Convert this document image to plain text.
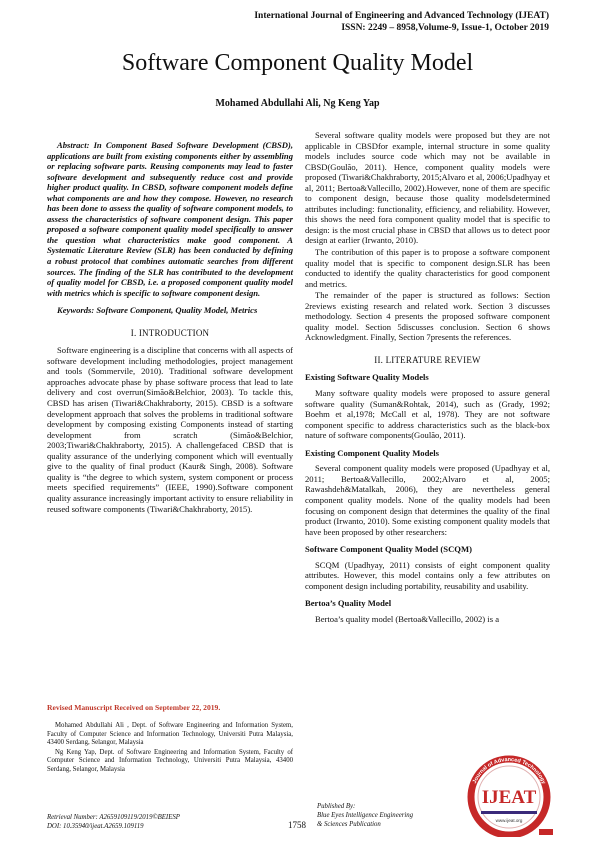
International Journal of Engineering and Advanced Technology (IJEAT)
ISSN: 2249 – 8958,Volume-9, Issue-1, October 2019
Software Component Quality Model
Mohamed Abdullahi Ali, Ng Keng Yap

Abstract: In Component Based Software Development (CBSD), applications are built from existing components either by assembling or replacing software parts. Reusing components may lead to faster software development and subsequently reduce cost and provide higher product quality. In CBSD, software component models define what components are and how they compose. However, no research has been done to assess the quality of software component models, to assess the characteristics of software component design. This paper proposed a software component quality model specifically to answer the question what characteristics make good component. A Systematic Literature Review (SLR) has been conducted by defining a robust protocol that combines automatic searches from different sources. The finding of the SLR has contributed to the development of quality model for CBSD, i.e. a proposed component quality model with metrics which is specific to software component design.

Keywords: Software Component, Quality Model, Metrics

I. INTRODUCTION

Software engineering is a discipline that concerns with all aspects of software development including methodologies, project management and tools (Sommervile, 2010). Traditional software development approaches advocate phase by phase software process that lead to late delivery and cost overrun(Simão&Belchior, 2003). To tackle this, CBSD has arisen (Tiwari&Chakhraborty, 2015). CBSD is a software development approach that solves the problems in traditional software development by composing existing Components instead of starting development from scratch (Simão&Belchior, 2003;Tiwari&Chakhraborty, 2015). A challengefaced CBSD that is quality assurance of the underlying component which will eventually give to the quality of final product (Kaur& Singh, 2008). Software quality is “the degree to which system, system component or process meets specified requirements” (IEEE, 1990).Software component quality assurance increasingly important activity to ensure reliability in reused software components (Tiwari&Chakhraborty, 2015).

Several software quality models were proposed but they are not applicable in CBSDfor example, internal structure in some quality models includes source code which may not be available in CBSD(Goulão, 2011). Hence, component quality models were proposed (Tiwari&Chakhraborty, 2015;Alvaro et al, 2006;Upadhyay et al, 2011; Bertoa&Vallecillo, 2002).However, none of them are specific to component design, because those quality modelsdetermined attributes including: functionality, efficiency, and reliability. However, this shows the need fora component quality model that is specific to design: is the most crucial phase in CBSD that allows us to detect poor design at earlier (Irwanto, 2010).

The contribution of this paper is to propose a software component quality model that is specific to component design.SLR has been conducted to identify the quality characteristics for good component and metrics.

The remainder of the paper is structured as follows: Section 2reviews existing research and related work. Section 3 discusses methodology. Section 4 presents the proposed software component quality model. Section 5discusses conclusion. Section 6 shows Acknowledgment. Finally, Section 7presents the references.

II. LITERATURE REVIEW
Existing Software Quality Models

Many software quality models were proposed to assure general software quality (Suman&Rohtak, 2014), such as (Grady, 1992; Boehm et al,1978; McCall et al, 1978). They are not software component specific to address characteristics such as the black-box nature of software components(Goulão, 2011).

Existing Component Quality Models

Several component quality models were proposed (Upadhyay et al, 2011; Bertoa&Vallecillo, 2002;Alvaro et al, 2005; Rawashdeh&Matalkah, 2006), they are nevertheless general component quality models. None of the quality models had been focusing on component design that determines the quality of the final product (Irwanto, 2010). Some existing component quality models that have been proposed by other researchers:

Software Component Quality Model (SCQM)

SCQM (Upadhyay, 2011) consists of eight component quality attributes. However, this model contains only a few attributes on component design including portability, reusability and usability.

Bertoa’s Quality Model

Bertoa’s quality model (Bertoa&Vallecillo, 2002) is a

Revised Manuscript Received on September 22, 2019.

Mohamed Abdullahi Ali , Dept. of Software Engineering and Information System, Faculty of Computer Science and Information Technology, Universiti Putra Malaysia, 43400 Serdang, Selangor, Malaysia

Ng Keng Yap, Dept. of Software Engineering and Information System, Faculty of Computer Science and Information Technology, Universiti Putra Malaysia, 43400 Serdang, Selangor, Malaysia

Retrieval Number: A2659109119/2019©BEIESP
DOI: 10.35940/ijeat.A2659.109119	1758
Published By:
Blue Eyes Intelligence Engineering
& Sciences Publication
Journal of Advanced Technology
IJEAT
www.ijeat.org
